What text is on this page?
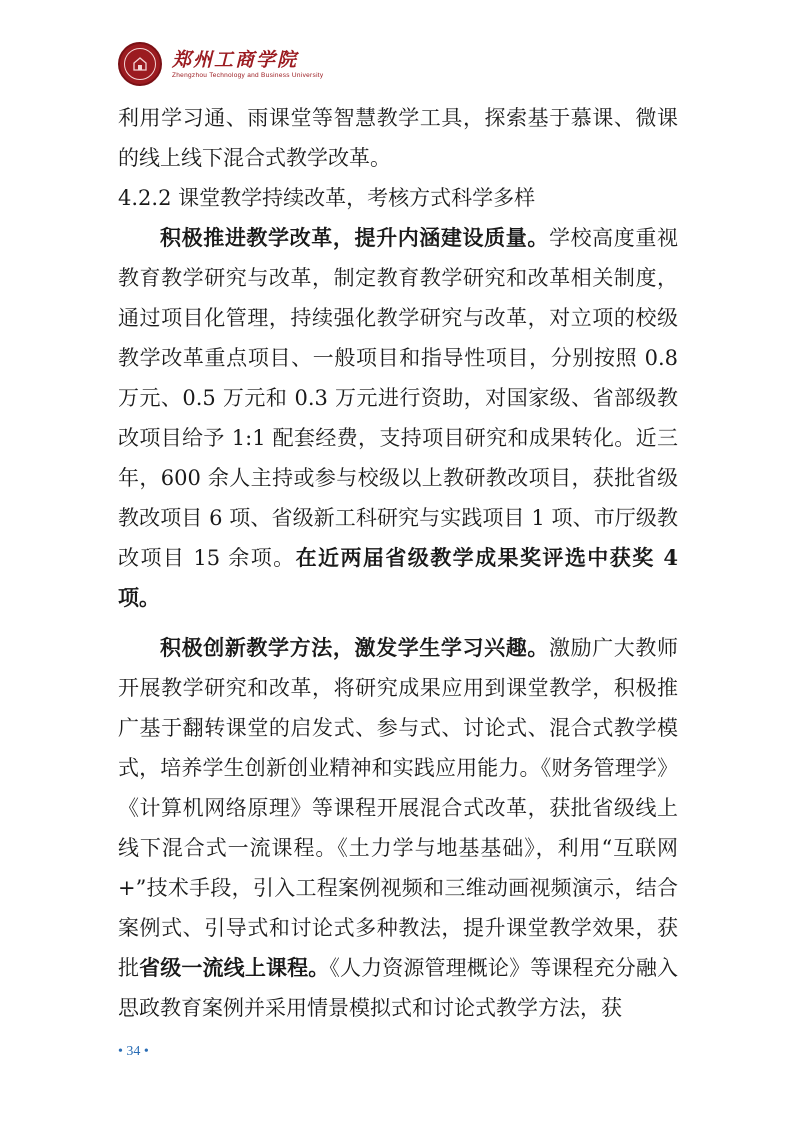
郑州工商学院
Zhengzhou Technology and Business University

利用学习通、雨课堂等智慧教学工具，探索基于慕课、微课的线上线下混合式教学改革。

4.2.2 课堂教学持续改革，考核方式科学多样

积极推进教学改革，提升内涵建设质量。学校高度重视教育教学研究与改革，制定教育教学研究和改革相关制度，通过项目化管理，持续强化教学研究与改革，对立项的校级教学改革重点项目、一般项目和指导性项目，分别按照 0.8 万元、0.5 万元和 0.3 万元进行资助，对国家级、省部级教改项目给予 1:1 配套经费，支持项目研究和成果转化。近三年，600 余人主持或参与校级以上教研教改项目，获批省级教改项目 6 项、省级新工科研究与实践项目 1 项、市厅级教改项目 15 余项。在近两届省级教学成果奖评选中获奖 4 项。

积极创新教学方法，激发学生学习兴趣。激励广大教师开展教学研究和改革，将研究成果应用到课堂教学，积极推广基于翻转课堂的启发式、参与式、讨论式、混合式教学模式，培养学生创新创业精神和实践应用能力。《财务管理学》《计算机网络原理》等课程开展混合式改革，获批省级线上线下混合式一流课程。《土力学与地基基础》，利用“互联网+”技术手段，引入工程案例视频和三维动画视频演示，结合案例式、引导式和讨论式多种教法，提升课堂教学效果，获批省级一流线上课程。《人力资源管理概论》等课程充分融入思政教育案例并采用情景模拟式和讨论式教学方法，获

• 34 •
